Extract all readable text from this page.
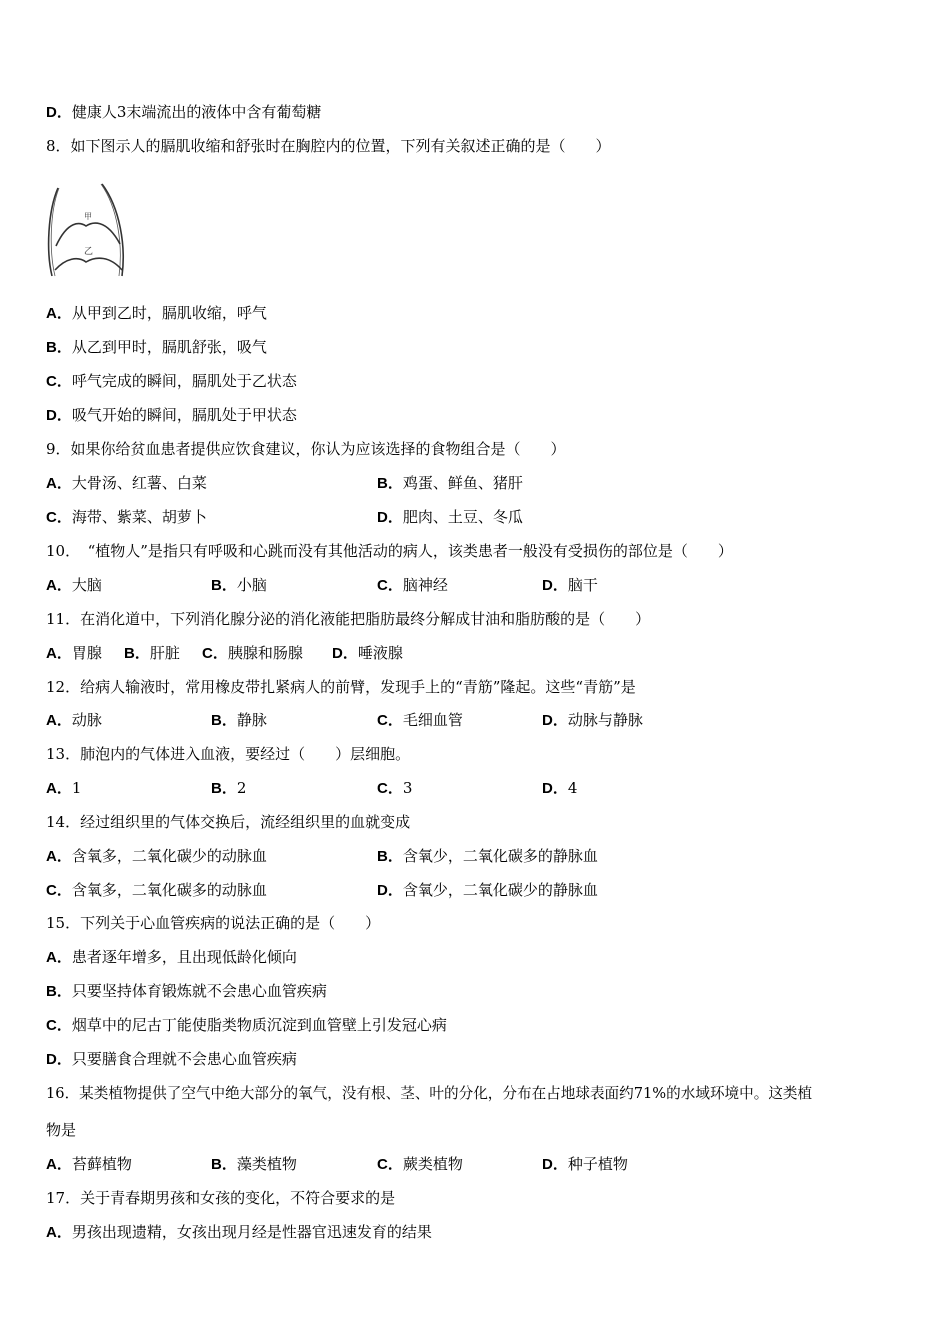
D．健康人3末端流出的液体中含有葡萄糖
8．如下图示人的膈肌收缩和舒张时在胸腔内的位置，下列有关叙述正确的是（　　）
甲
乙
A．从甲到乙时，膈肌收缩，呼气
B．从乙到甲时，膈肌舒张，吸气
C．呼气完成的瞬间，膈肌处于乙状态
D．吸气开始的瞬间，膈肌处于甲状态
9．如果你给贫血患者提供应饮食建议，你认为应该选择的食物组合是（　　）
A．大骨汤、红薯、白菜	B．鸡蛋、鲜鱼、猪肝
C．海带、紫菜、胡萝卜	D．肥肉、土豆、冬瓜
10．　“植物人”是指只有呼吸和心跳而没有其他活动的病人，该类患者一般没有受损伤的部位是（　　）
A．大脑	B．小脑	C．脑神经	D．脑干
11．在消化道中，下列消化腺分泌的消化液能把脂肪最终分解成甘油和脂肪酸的是（　　）
A．胃腺 B．肝脏 C．胰腺和肠腺 D．唾液腺
12．给病人输液时，常用橡皮带扎紧病人的前臂，发现手上的“青筋”隆起。这些“青筋”是
A．动脉	B．静脉	C．毛细血管	D．动脉与静脉
13．肺泡内的气体进入血液，要经过（　　）层细胞。
A．1	B．2	C．3	D．4
14．经过组织里的气体交换后，流经组织里的血就变成
A．含氧多，二氧化碳少的动脉血	B．含氧少，二氧化碳多的静脉血
C．含氧多，二氧化碳多的动脉血	D．含氧少，二氧化碳少的静脉血
15．下列关于心血管疾病的说法正确的是（　　）
A．患者逐年增多，且出现低龄化倾向
B．只要坚持体育锻炼就不会患心血管疾病
C．烟草中的尼古丁能使脂类物质沉淀到血管壁上引发冠心病
D．只要膳食合理就不会患心血管疾病
16．某类植物提供了空气中绝大部分的氧气，没有根、茎、叶的分化，分布在占地球表面约71%的水域环境中。这类植
物是
A．苔藓植物	B．藻类植物	C．蕨类植物	D．种子植物
17．关于青春期男孩和女孩的变化，不符合要求的是
A．男孩出现遗精，女孩出现月经是性器官迅速发育的结果
